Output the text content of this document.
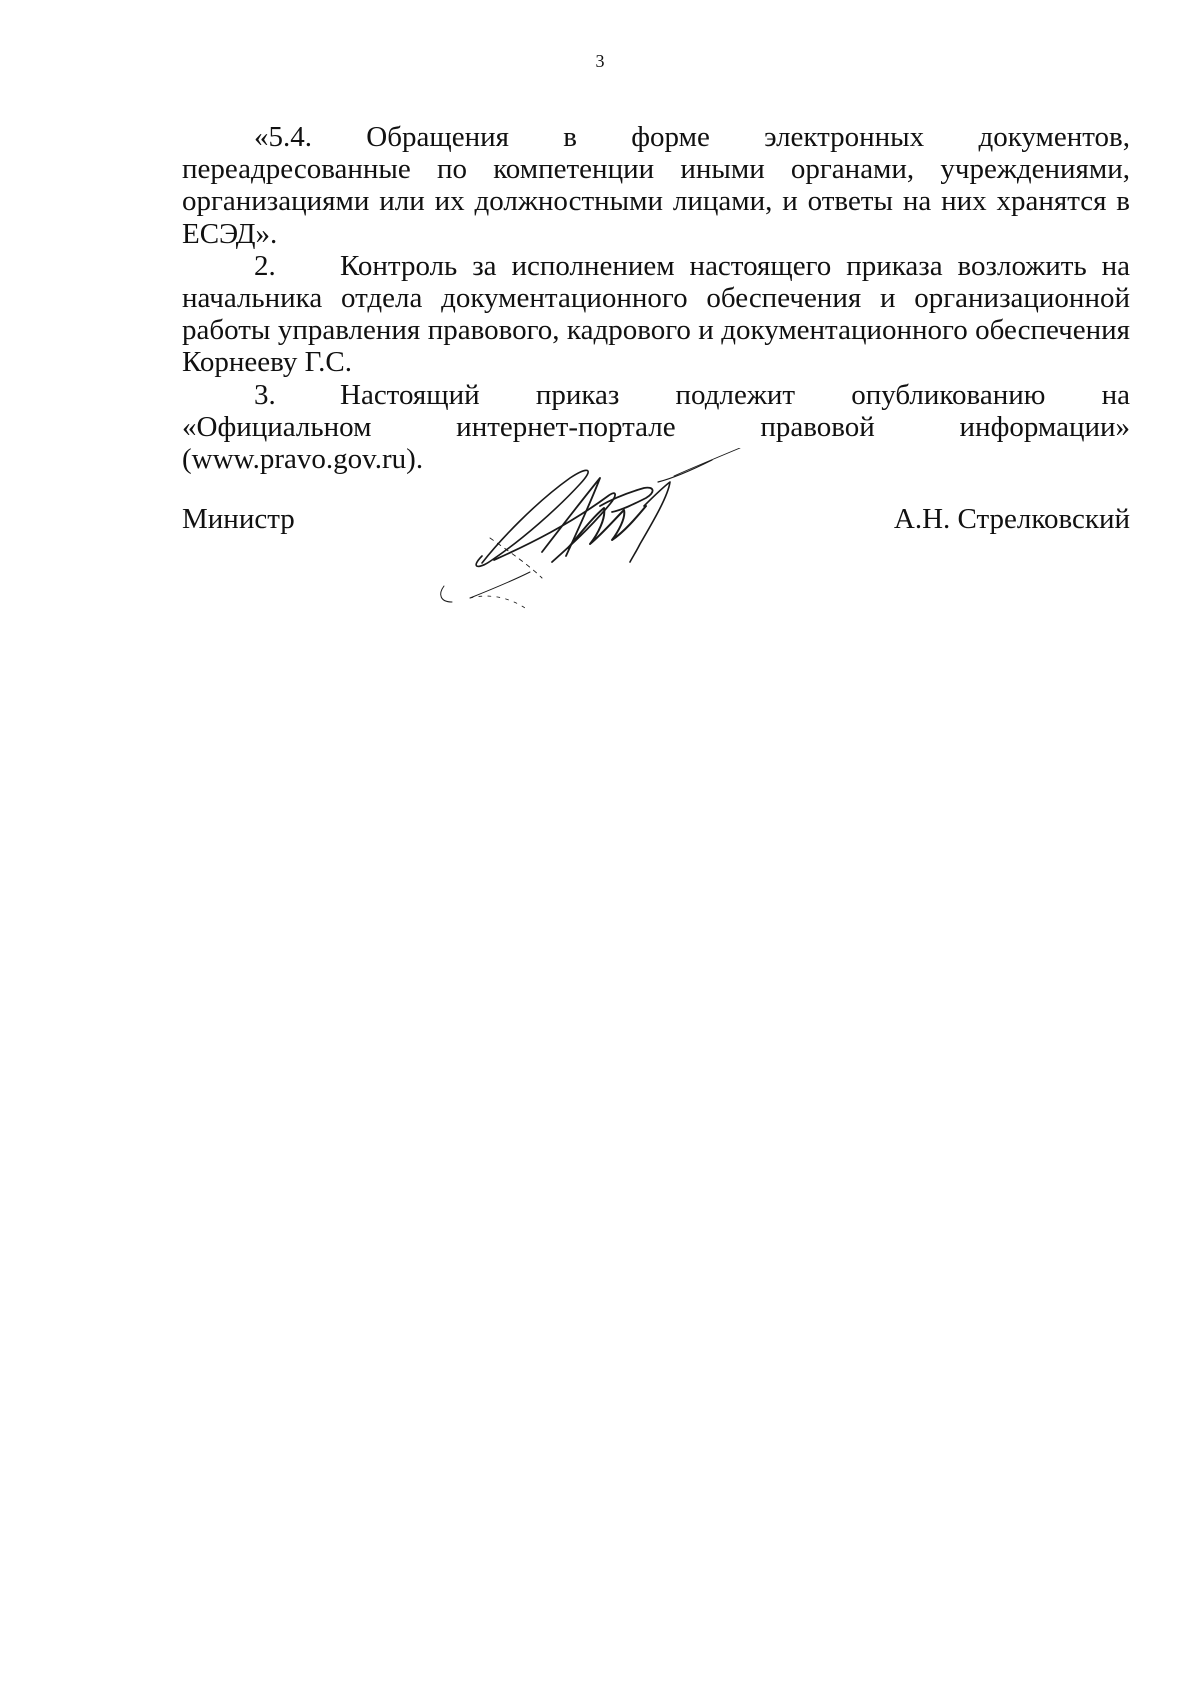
3

«5.4. Обращения в форме электронных документов, переадресованные по компетенции иными органами, учреждениями, организациями или их должностными лицами, и ответы на них хранятся в ЕСЭД».

2. Контроль за исполнением настоящего приказа возложить на начальника отдела документационного обеспечения и организационной работы управления правового, кадрового и документационного обеспечения Корнееву Г.С.

3. Настоящий приказ подлежит опубликованию на «Официальном интернет-портале правовой информации» (www.pravo.gov.ru).

Министр	А.Н. Стрелковский
